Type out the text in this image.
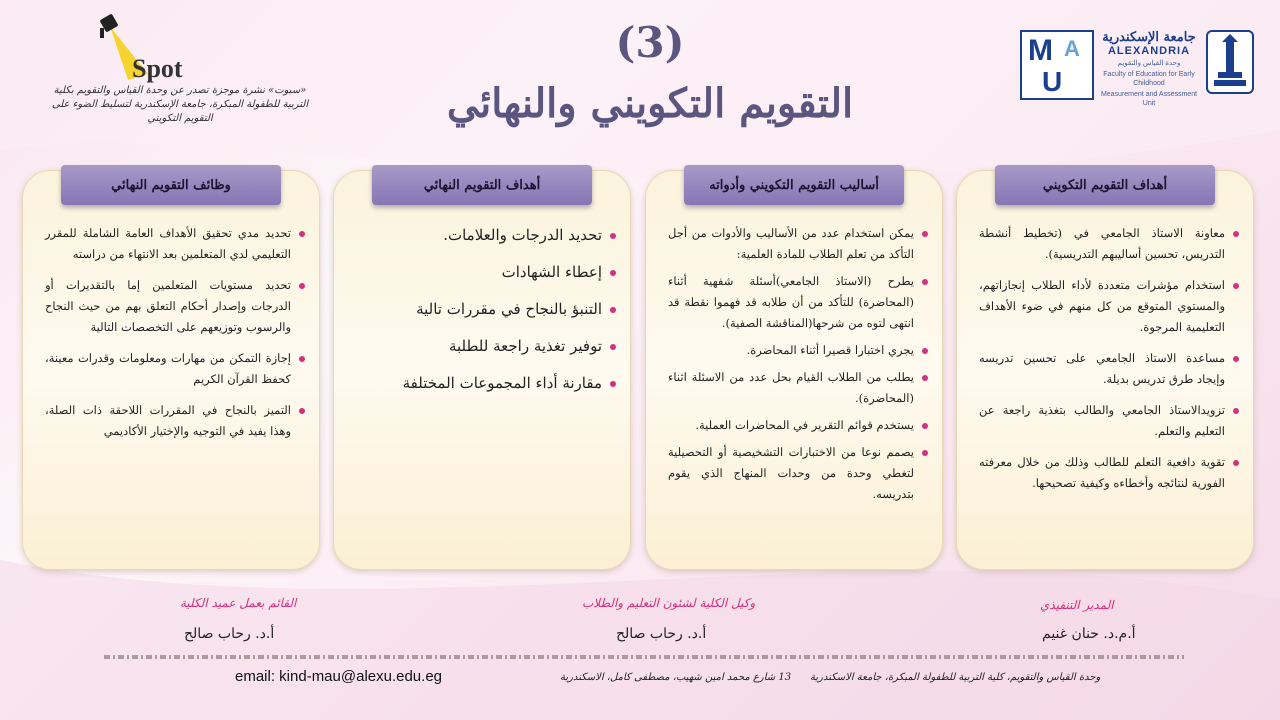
M A
U
جامعة الإسكندرية
ALEXANDRIA
وحدة القياس والتقويم
Faculty of Education for Early Childhood
Measurement and Assessment Unit
(3)
التقويم التكويني والنهائي
Spot
«سبوت» نشرة موجزة تصدر عن وحدة القياس والتقويم بكلية التربية للطفولة المبكرة، جامعة الإسكندرية لتسليط الضوء على التقويم التكويني
أهداف التقويم التكويني
معاونة الاستاذ الجامعي في (تخطيط أنشطة التدريس، تحسين أساليبهم التدريسية).
استخدام مؤشرات متعددة لأداء الطلاب إنجازاتهم، والمستوي المتوقع من كل منهم في ضوء الأهداف التعليمية المرجوة.
مساعدة الاستاذ الجامعي على تحسين تدريسه وإيجاد طرق تدريس بديلة.
تزويدالاستاذ الجامعي والطالب بتغذية راجعة عن التعليم والتعلم.
تقوية دافعية التعلم للطالب وذلك من خلال معرفته الفورية لنتائجه وأخطاءه وكيفية تصحيحها.
أساليب التقويم التكويني وأدواته
يمكن استخدام عدد من الأساليب والأدوات من أجل التأكد من تعلم الطلاب للمادة العلمية:
يطرح (الاستاذ الجامعي)أسئلة شفهية أثناء (المحاضرة) للتأكد من أن طلابه قد فهموا نقطة قد انتهى لتوه من شرحها(المناقشة الصفية).
يجري اختبارا قصيرا أثناء المحاضرة.
يطلب من الطلاب القيام بحل عدد من الاسئلة اثناء (المحاضرة).
يستخدم قوائم التقرير في المحاضرات العملية.
يصمم نوعا من الاختبارات التشخيصية أو التحصيلية لتغطي وحدة من وحدات المنهاج الذي يقوم بتدريسه.
أهداف التقويم النهائي
تحديد الدرجات والعلامات.
إعطاء الشهادات
التنبؤ بالنجاح في مقررات تالية
توفير تغذية راجعة للطلبة
مقارنة أداء المجموعات المختلفة
وظائف التقويم النهائي
تحديد مدي تحقيق الأهداف العامة الشاملة للمقرر التعليمي لدي المتعلمين بعد الانتهاء من دراسته
تحديد مستويات المتعلمين إما بالتقديرات أو الدرجات وإصدار أحكام التعلق بهم من حيث النجاح والرسوب وتوزيعهم على التخصصات التالية
إجازة التمكن من مهارات ومعلومات وقدرات معينة، كحفظ القرآن الكريم
التميز بالنجاح في المقررات اللاحقة ذات الصلة، وهذا يفيد في التوجيه والإختيار الأكاديمي
المدير التنفيذي
أ.م.د. حنان غنيم
وكيل الكلية لشئون التعليم والطلاب
أ.د. رحاب صالح
القائم بعمل عميد الكلية
أ.د. رحاب صالح
email: kind-mau@alexu.edu.eg	13 شارع محمد امين شهيب، مصطفى كامل، الاسكندرية وحدة القياس والتقويم، كلية التربية للطفولة المبكرة، جامعة الاسكندرية
